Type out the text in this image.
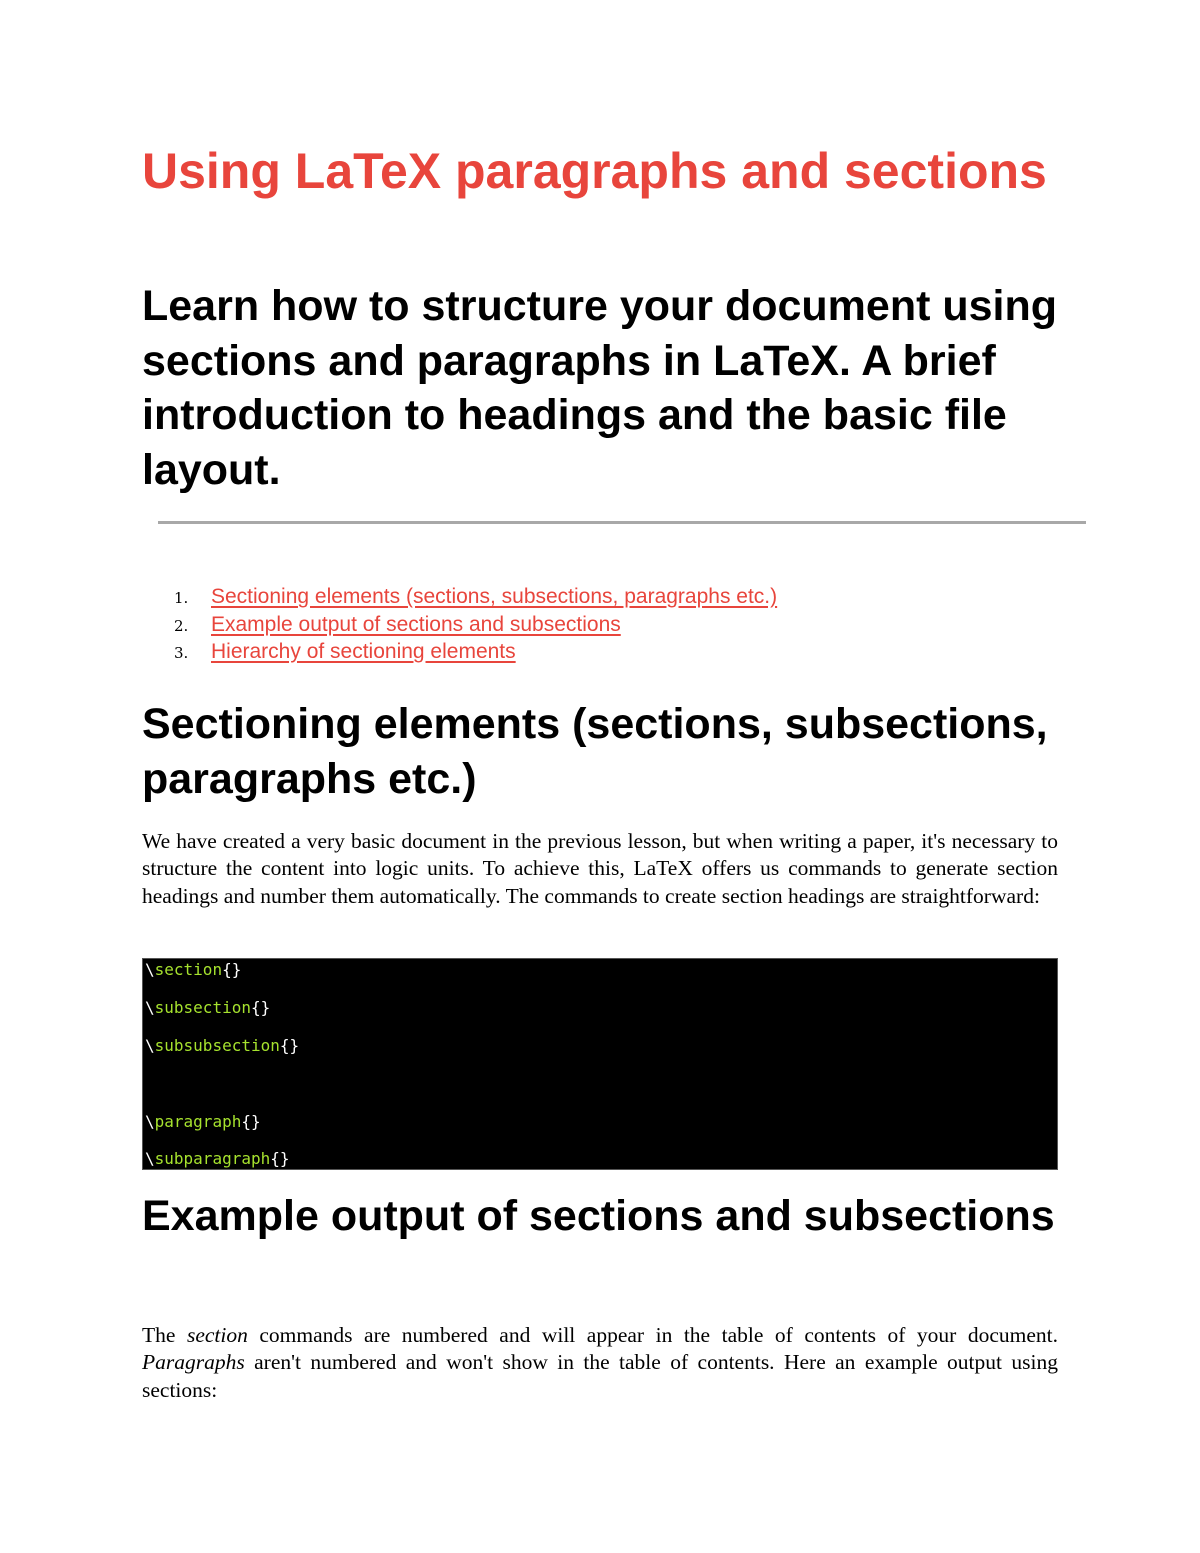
Using LaTeX paragraphs and sections
Learn how to structure your document using sections and paragraphs in LaTeX. A brief introduction to headings and the basic file layout.
1.	Sectioning elements (sections, subsections, paragraphs etc.)
2.	Example output of sections and subsections
3.	Hierarchy of sectioning elements
Sectioning elements (sections, subsections, paragraphs etc.)

We have created a very basic document in the previous lesson, but when writing a paper, it's necessary to structure the content into logic units. To achieve this, LaTeX offers us commands to generate section headings and number them automatically. The commands to create section headings are straightforward:

\section{}
\subsection{}
\subsubsection{}
\paragraph{}
\subparagraph{}
Example output of sections and subsections

The section commands are numbered and will appear in the table of contents of your document. Paragraphs aren't numbered and won't show in the table of contents. Here an example output using sections:
